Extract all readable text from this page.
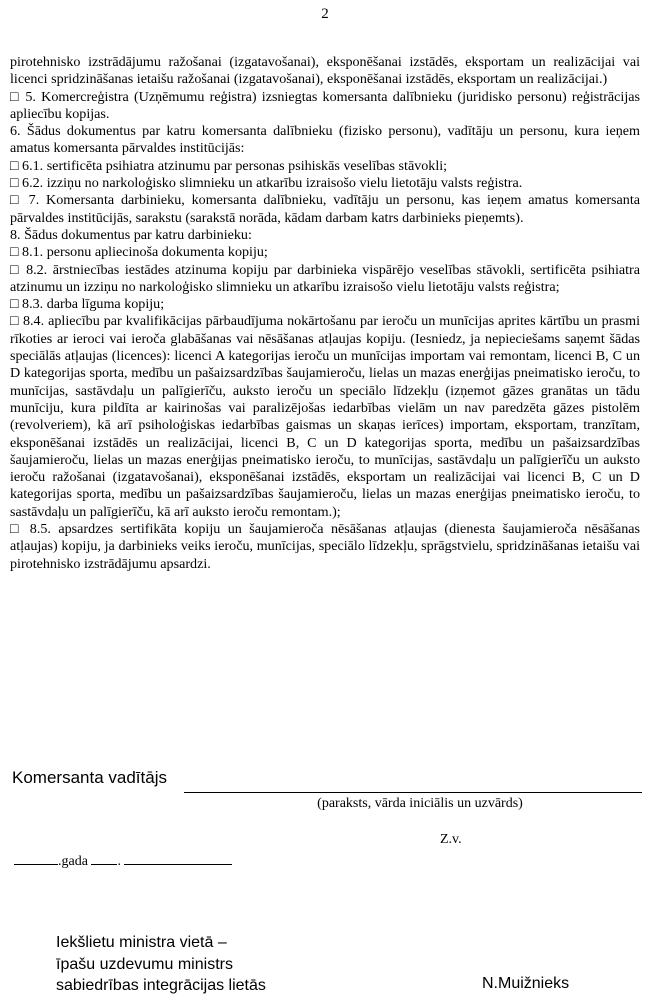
2

pirotehnisko izstrādājumu ražošanai (izgatavošanai), eksponēšanai izstādēs, eksportam un realizācijai vai licenci spridzināšanas ietaišu ražošanai (izgatavošanai), eksponēšanai izstādēs, eksportam un realizācijai.)

□ 5. Komercreģistra (Uzņēmumu reģistra) izsniegtas komersanta dalībnieku (juridisko personu) reģistrācijas apliecību kopijas.

6. Šādus dokumentus par katru komersanta dalībnieku (fizisko personu), vadītāju un personu, kura ieņem amatus komersanta pārvaldes institūcijās:

□ 6.1. sertificēta psihiatra atzinumu par personas psihiskās veselības stāvokli;

□ 6.2. izziņu no narkoloģisko slimnieku un atkarību izraisošo vielu lietotāju valsts reģistra.

□ 7. Komersanta darbinieku, komersanta dalībnieku, vadītāju un personu, kas ieņem amatus komersanta pārvaldes institūcijās, sarakstu (sarakstā norāda, kādam darbam katrs darbinieks pieņemts).

8. Šādus dokumentus par katru darbinieku:

□ 8.1. personu apliecinoša dokumenta kopiju;

□ 8.2. ārstniecības iestādes atzinuma kopiju par darbinieka vispārējo veselības stāvokli, sertificēta psihiatra atzinumu un izziņu no narkoloģisko slimnieku un atkarību izraisošo vielu lietotāju valsts reģistra;

□ 8.3. darba līguma kopiju;

□ 8.4. apliecību par kvalifikācijas pārbaudījuma nokārtošanu par ieroču un munīcijas aprites kārtību un prasmi rīkoties ar ieroci vai ieroča glabāšanas vai nēsāšanas atļaujas kopiju. (Iesniedz, ja nepieciešams saņemt šādas speciālās atļaujas (licences): licenci A kategorijas ieroču un munīcijas importam vai remontam, licenci B, C un D kategorijas sporta, medību un pašaizsardzības šaujamieroču, lielas un mazas enerģijas pneimatisko ieroču, to munīcijas, sastāvdaļu un palīgierīču, aukstо ieroču un speciālo līdzekļu (izņemot gāzes granātas un tādu munīciju, kura pildīta ar kairinošas vai paralizējošas iedarbības vielām un nav paredzēta gāzes pistolēm (revolveriem), kā arī psiholoģiskas iedarbības gaismas un skaņas ierīces) importam, eksportam, tranzītam, eksponēšanai izstādēs un realizācijai, licenci B, C un D kategorijas sporta, medību un pašaizsardzības šaujamieroču, lielas un mazas enerģijas pneimatisko ieroču, to munīcijas, sastāvdaļu un palīgierīču un aukstо ieroču ražošanai (izgatavošanai), eksponēšanai izstādēs, eksportam un realizācijai vai licenci B, C un D kategorijas sporta, medību un pašaizsardzības šaujamieroču, lielas un mazas enerģijas pneimatisko ieroču, to sastāvdaļu un palīgierīču, kā arī aukstо ieroču remontam.);

□ 8.5. apsardzes sertifikāta kopiju un šaujamieroča nēsāšanas atļaujas (dienesta šaujamieroča nēsāšanas atļaujas) kopiju, ja darbinieks veiks ieroču, munīcijas, speciālo līdzekļu, sprāgstvielu, spridzināšanas ietaišu vai pirotehnisko izstrādājumu apsardzi.

Komersanta vadītājs
(paraksts, vārda iniciālis un uzvārds)
Z.v.
.gada .
Iekšlietu ministra vietā –
īpašu uzdevumu ministrs
sabiedrības integrācijas lietās	N.Muižnieks
